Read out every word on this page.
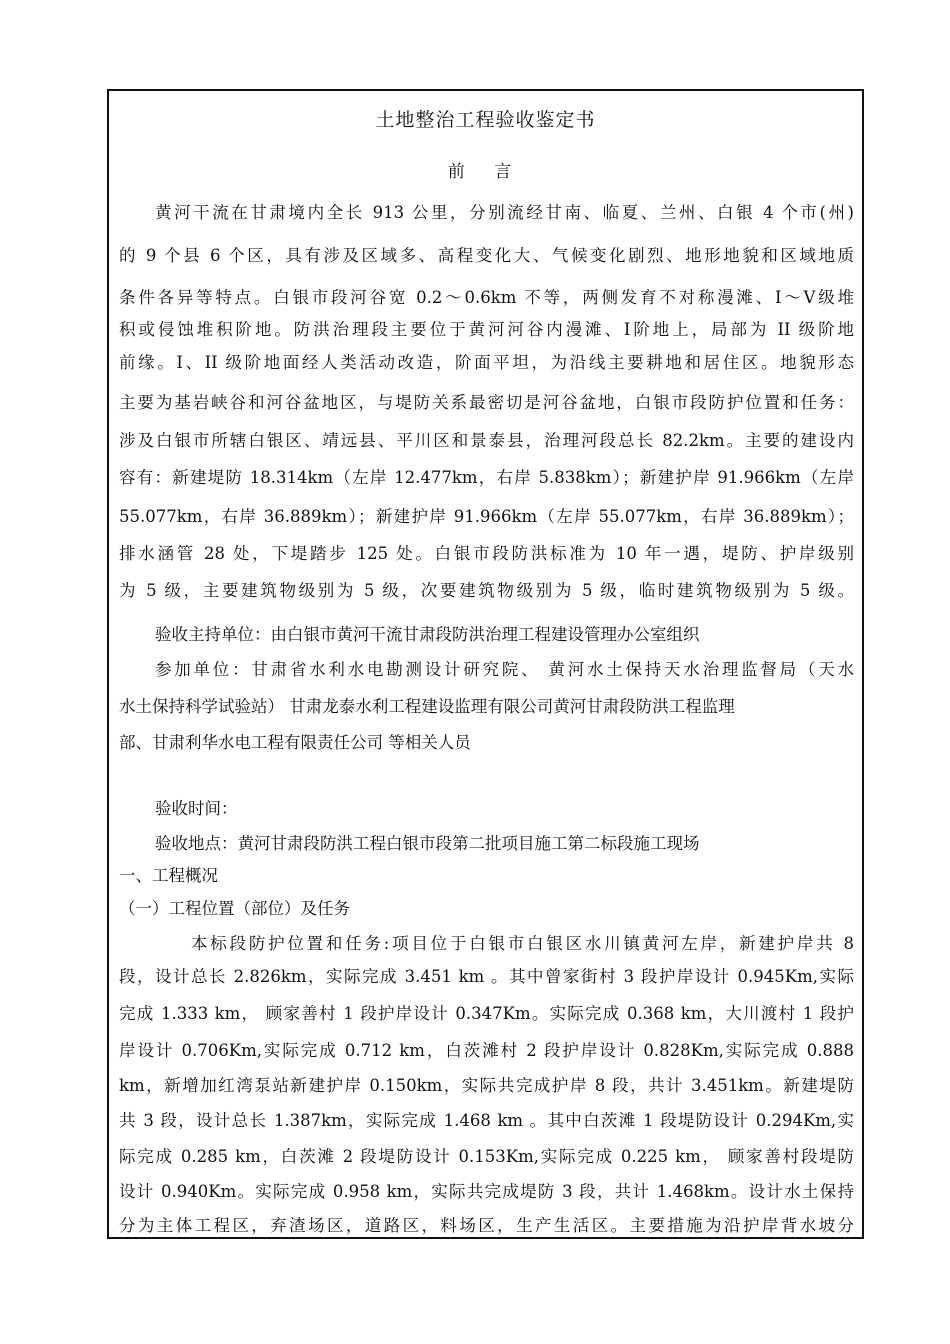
土地整治工程验收鉴定书
前 言
黄河干流在甘肃境内全长 913 公里，分别流经甘南、临夏、兰州、白银 4 个市(州)
的 9 个县 6 个区，具有涉及区域多、高程变化大、气候变化剧烈、地形地貌和区域地质
条件各异等特点。白银市段河谷宽 0.2～0.6km 不等，两侧发育不对称漫滩、Ⅰ～Ⅴ级堆
积或侵蚀堆积阶地。防洪治理段主要位于黄河河谷内漫滩、Ⅰ阶地上，局部为 II 级阶地
前缘。Ⅰ、II 级阶地面经人类活动改造，阶面平坦，为沿线主要耕地和居住区。地貌形态
主要为基岩峡谷和河谷盆地区，与堤防关系最密切是河谷盆地，白银市段防护位置和任务：
涉及白银市所辖白银区、靖远县、平川区和景泰县，治理河段总长 82.2km。主要的建设内
容有：新建堤防 18.314km（左岸 12.477km，右岸 5.838km）；新建护岸 91.966km（左岸
55.077km，右岸 36.889km）；新建护岸 91.966km（左岸 55.077km，右岸 36.889km）；
排水涵管 28 处，下堤踏步 125 处。白银市段防洪标准为 10 年一遇，堤防、护岸级别
为 5 级，主要建筑物级别为 5 级，次要建筑物级别为 5 级，临时建筑物级别为 5 级。
验收主持单位：由白银市黄河干流甘肃段防洪治理工程建设管理办公室组织
参加单位：甘肃省水利水电勘测设计研究院、 黄河水土保持天水治理监督局（天水
水土保持科学试验站） 甘肃龙泰水利工程建设监理有限公司黄河甘肃段防洪工程监理
部、甘肃利华水电工程有限责任公司 等相关人员
验收时间：
验收地点：黄河甘肃段防洪工程白银市段第二批项目施工第二标段施工现场
一、工程概况
（一）工程位置（部位）及任务
本标段防护位置和任务:项目位于白银市白银区水川镇黄河左岸，新建护岸共 8
段，设计总长 2.826km，实际完成 3.451 km 。其中曾家街村 3 段护岸设计 0.945Km,实际
完成 1.333 km， 顾家善村 1 段护岸设计 0.347Km。实际完成 0.368 km，大川渡村 1 段护
岸设计 0.706Km,实际完成 0.712 km，白茨滩村 2 段护岸设计 0.828Km,实际完成 0.888
km，新增加红湾泵站新建护岸 0.150km，实际共完成护岸 8 段，共计 3.451km。新建堤防
共 3 段，设计总长 1.387km，实际完成 1.468 km 。其中白茨滩 1 段堤防设计 0.294Km,实
际完成 0.285 km，白茨滩 2 段堤防设计 0.153Km,实际完成 0.225 km， 顾家善村段堤防
设计 0.940Km。实际完成 0.958 km，实际共完成堤防 3 段，共计 1.468km。设计水土保持
分为主体工程区，弃渣场区，道路区，料场区，生产生活区。主要措施为沿护岸背水坡分
